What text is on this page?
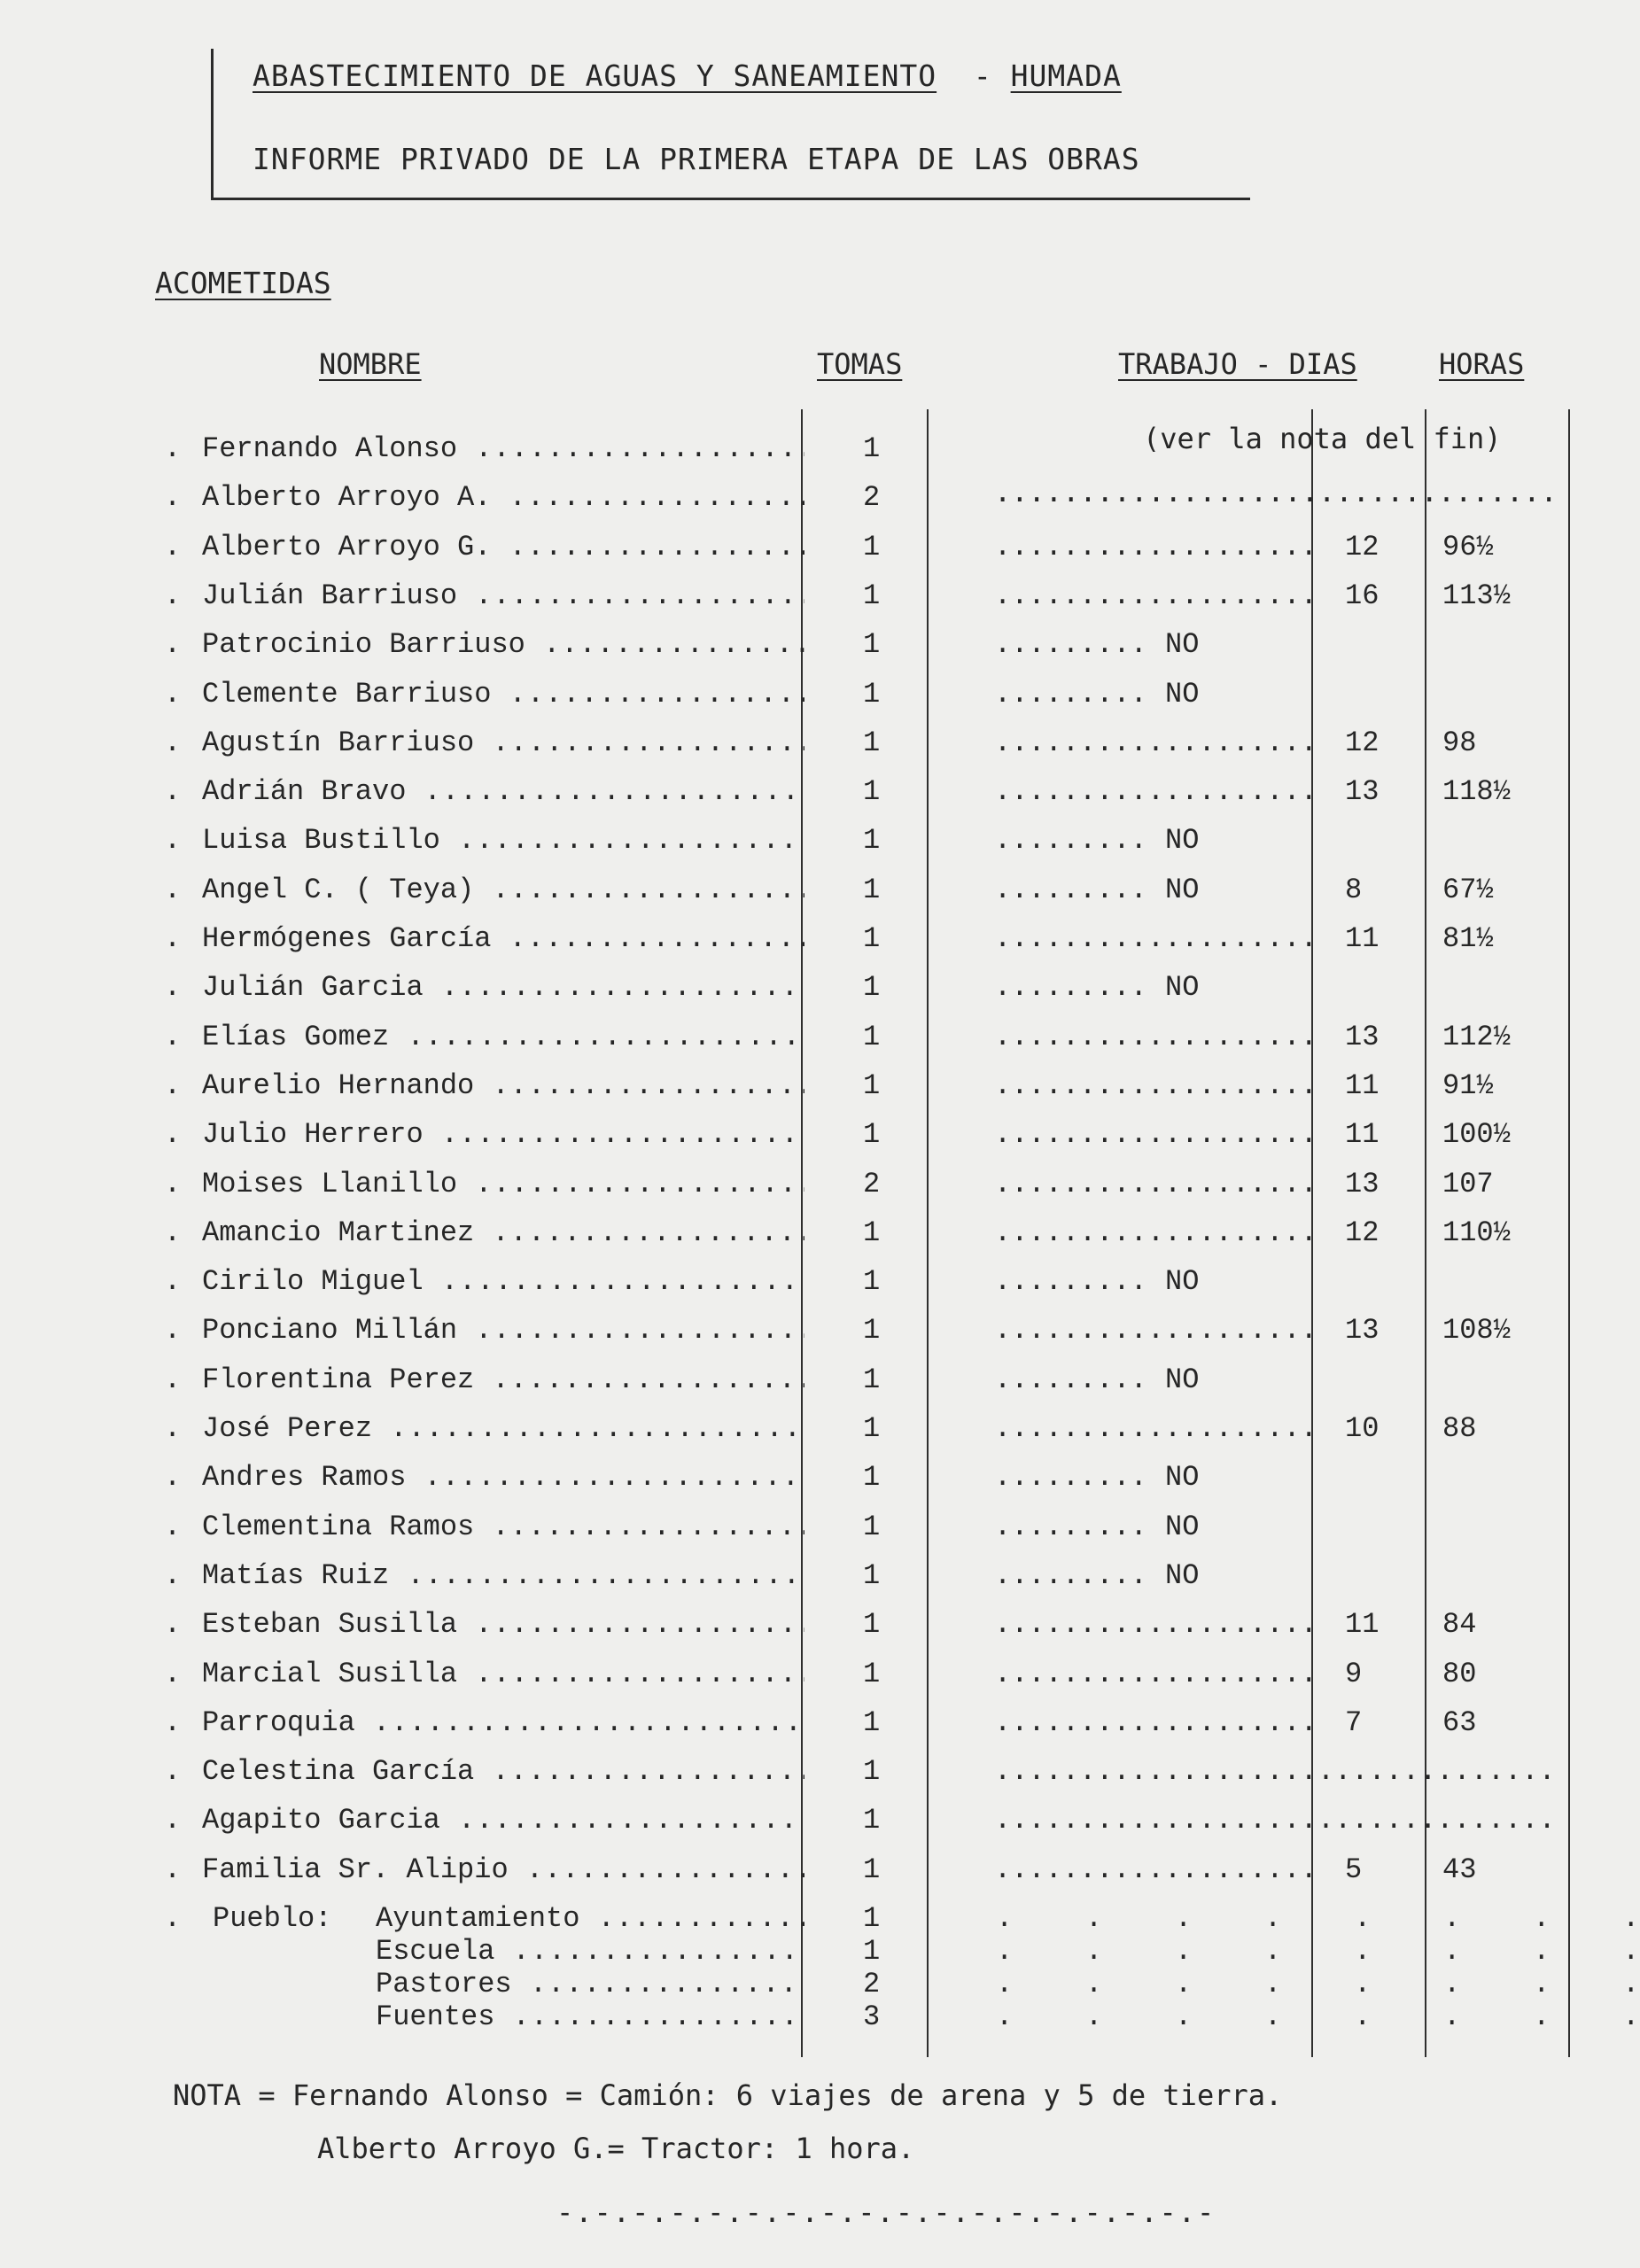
ABASTECIMIENTO DE AGUAS Y SANEAMIENTO - HUMADA
INFORME PRIVADO DE LA PRIMERA ETAPA DE LAS OBRAS
ACOMETIDAS
NOMBRE	TOMAS	TRABAJO - DIAS	HORAS
(ver la nota del fin)
.....
. Fernando Alonso .....	1
. Alberto Arroyo A. .....	2
. Alberto Arroyo G. .....	1 .....	12 96½
. Julián Barriuso .....	1 .....	16 113½
. Patrocinio Barriuso .....	1 .....	NO
. Clemente Barriuso .....	1 .....	NO
. Agustín Barriuso .....	1 .....	12 98
. Adrián Bravo .....	1 .....	13 118½
. Luisa Bustillo .....	1 .....	NO
. Angel C. ( Teya) .....	1 .....	NO	8	67½
. Hermógenes García .....	1 .....	11 81½
. Julián Garcia .....	1 .....	NO
. Elías Gomez .....	1 .....	13 112½
. Aurelio Hernando .....	1 .....	11 91½
. Julio Herrero .....	1 .....	11 100½
. Moises Llanillo .....	2 .....	13 107
. Amancio Martinez .....	1 .....	12 110½
. Cirilo Miguel .....	1 .....	NO
. Ponciano Millán .....	1 .....	13 108½
. Florentina Perez .....	1 .....	NO
. José Perez .....	1 .....	10 88
. Andres Ramos .....	1 .....	NO
. Clementina Ramos .....	1 .....	NO
. Matías Ruiz .....	1 .....	NO
. Esteban Susilla .....	1 .....	11 84
. Marcial Susilla .....	1 .....	9	80
. Parroquia .....	1 .....	7	63
. Celestina García .....	1
.....
. Agapito Garcia .....	1
.....
. Familia Sr. Alipio .....	1 .....	5	43
. Pueblo: Ayuntamiento .....	1	.    .    .    .    .    .    .    .
Escuela .....	1	.    .    .    .    .    .    .    .
Pastores .....	2	.    .    .    .    .    .    .    .
Fuentes .....	3	.    .    .    .    .    .    .    .
NOTA = Fernando Alonso = Camión: 6 viajes de arena y 5 de tierra.
Alberto Arroyo G.= Tractor: 1 hora.
-.-.-.-.-.-.-.-.-.-.-.-.-.-.-.-.-.-
